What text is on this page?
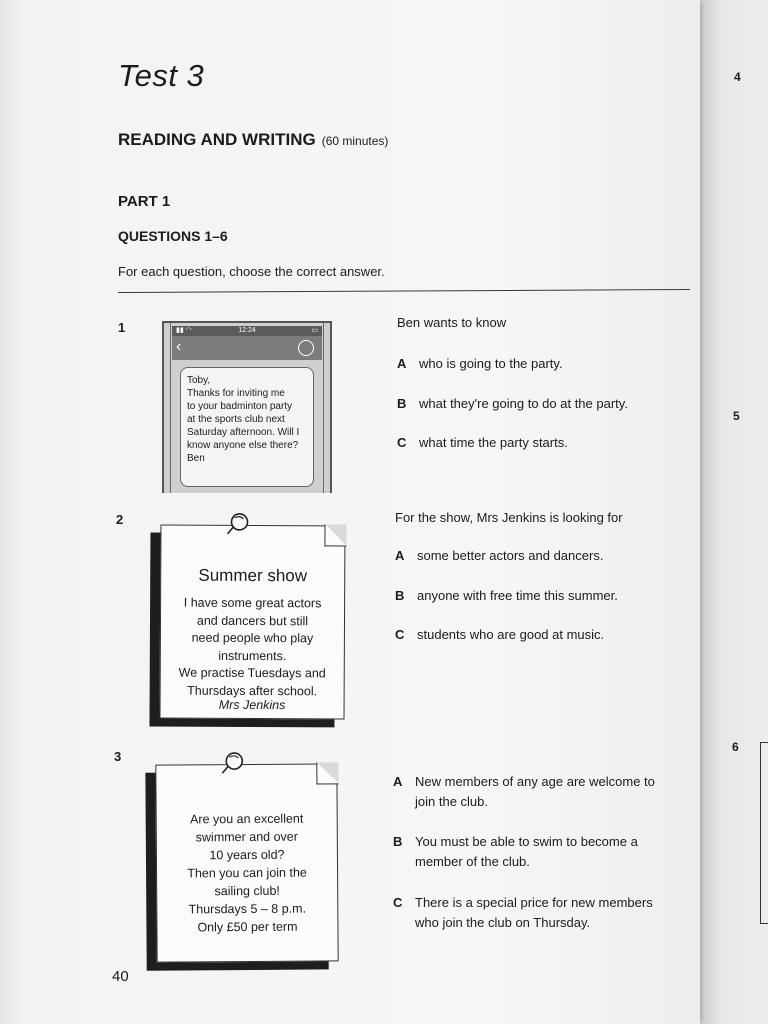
Test 3
READING AND WRITING (60 minutes)
PART 1
QUESTIONS 1–6
For each question, choose the correct answer.
1	▮▮ ◠	12:24	▭
‹
Toby,
Thanks for inviting me
to your badminton party
at the sports club next
Saturday afternoon. Will I
know anyone else there?
Ben
Ben wants to know
A who is going to the party.
B what they're going to do at the party.
C what time the party starts.
2
Summer show
I have some great actors
and dancers but still
need people who play
instruments.
We practise Tuesdays and
Thursdays after school.
Mrs Jenkins
For the show, Mrs Jenkins is looking for
A some better actors and dancers.
B anyone with free time this summer.
C students who are good at music.
3
Are you an excellent
swimmer and over
10 years old?
Then you can join the
sailing club!
Thursdays 5 – 8 p.m.
Only £50 per term
A New members of any age are welcome to join the club.
B You must be able to swim to become a member of the club.
C There is a special price for new members who join the club on Thursday.
40
4
5
6
